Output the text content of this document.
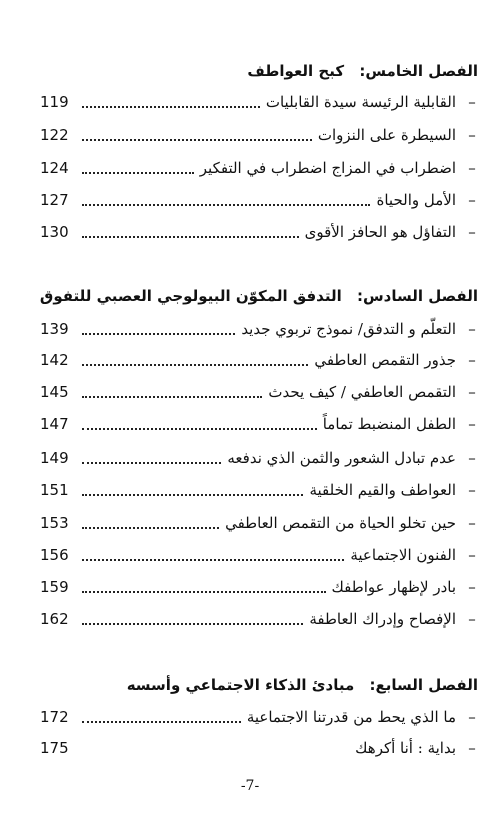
الفصل الخامس: كبح العواطف
–
القابلية الرئيسة سيدة القابليات
119
–
السيطرة على النزوات
122
–
اضطراب في المزاج اضطراب في التفكير
124
–
الأمل والحياة
127
–
التفاؤل هو الحافز الأقوى
130
الفصل السادس: التدفق المكوّن البيولوجي العصبي للتفوق
–
التعلّم و التدفق/ نموذج تربوي جديد
139
–
جذور التقمص العاطفي
142
–
التقمص العاطفي / كيف يحدث
145
–
الطفل المنضبط تماماً
147
–
عدم تبادل الشعور والثمن الذي ندفعه
149
–
العواطف والقيم الخلقية
151
–
حين تخلو الحياة من التقمص العاطفي
153
–
الفنون الاجتماعية
156
–
بادر لإظهار عواطفك
159
–
الإفصاح وإدراك العاطفة
162
الفصل السابع: مبادئ الذكاء الاجتماعي وأسسه
–
ما الذي يحط من قدرتنا الاجتماعية
172
–
بداية : أنا أكرهك
175
-7-
